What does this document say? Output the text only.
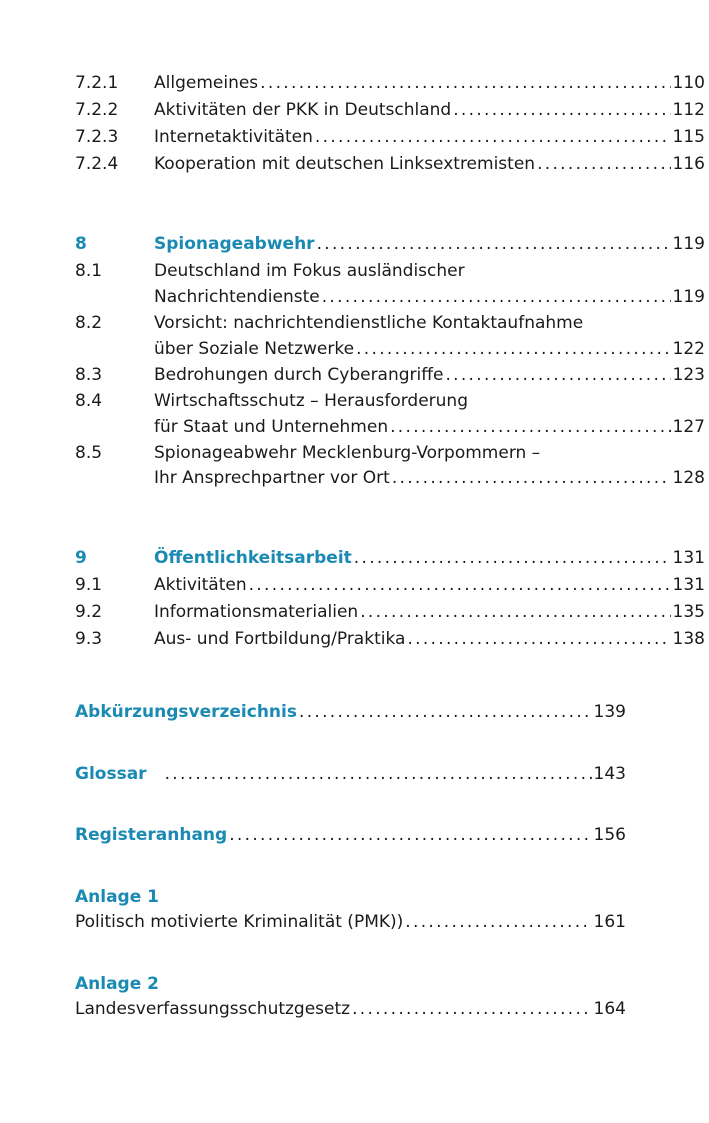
7.2.1 Allgemeines .....	110
7.2.2 Aktivitäten der PKK in Deutschland .....	112
7.2.3 Internetaktivitäten .....	115
7.2.4 Kooperation mit deutschen Linksextremisten .....	116
8	Spionageabwehr .....	119
8.1	Deutschland im Fokus ausländischer
Nachrichtendienste .....	119
8.2	Vorsicht: nachrichtendienstliche Kontaktaufnahme
über Soziale Netzwerke .....	122
8.3	Bedrohungen durch Cyberangriffe .....	123
8.4	Wirtschaftsschutz – Herausforderung
für Staat und Unternehmen .....	127
8.5	Spionageabwehr Mecklenburg-Vorpommern –
Ihr Ansprechpartner vor Ort .....	128
9	Öffentlichkeitsarbeit .....	131
9.1	Aktivitäten .....	131
9.2	Informationsmaterialien .....	135
9.3	Aus- und Fortbildung/Praktika .....	138
Abkürzungsverzeichnis .....	139
Glossar .....	143
Registeranhang .....	156
Anlage 1
Politisch motivierte Kriminalität (PMK)) .....	161
Anlage 2
Landesverfassungsschutzgesetz .....	164
